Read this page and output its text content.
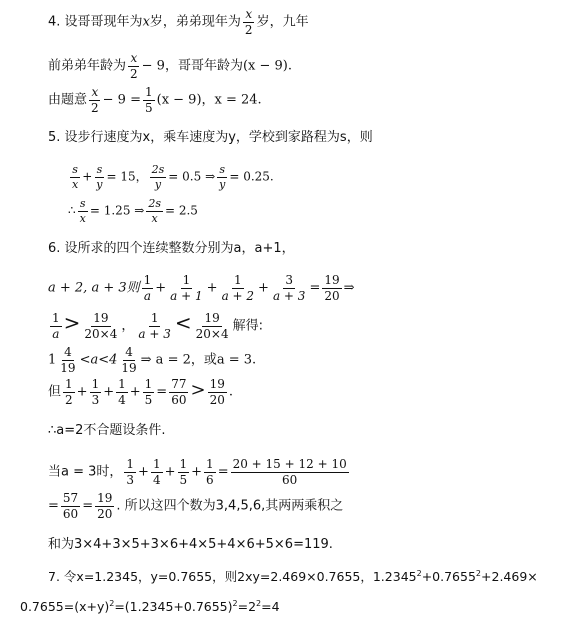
4. 设哥哥现年为x岁，弟弟现年为 $\frac{x}{2}$ 岁，九年
前弟弟年龄为 $\frac{x}{2} - 9$，哥哥年龄为(x − 9).
由题意 $\frac{x}{2} - 9 = \frac{1}{5} (x - 9)$，x = 24.
5. 设步行速度为x，乘车速度为y，学校到家路程为s，则
$\frac{s}{x} + \frac{s}{y} = 15$， $\frac{2s}{y} = 0.5$ ⇒ $\frac{s}{y} = 0.25$.
∴ $\frac{s}{x} = 1.25$ ⇒ $\frac{2s}{x} = 2.5$
6. 设所求的四个连续整数分别为a，a+1，
a + 2, a + 3则 $\frac{1}{a} + \frac{1}{a + 1} + \frac{1}{a + 2} + \frac{3}{a + 3} = \frac{19}{20}$ ⇒
$\frac{1}{a} > \frac{19}{20\times 4}$ ， $\frac{1}{a + 3} < \frac{19}{20\times 4}$ 解得:
$1 \frac{4}{19} <a<4 \frac{4}{19}$ ⇒ a = 2，或a = 3.
但 $\frac{1}{2} + \frac{1}{3} + \frac{1}{4} + \frac{1}{5} = \frac{77}{60} > \frac{19}{20}$ .
∴a=2不合题设条件.
当a = 3时， $\frac{1}{3} + \frac{1}{4} + \frac{1}{5} + \frac{1}{6} = \frac{20 + 15 + 12 + 10}{60}$
= $\frac{57}{60} = \frac{19}{20}$ . 所以这四个数为3,4,5,6,其两两乘积之
和为3×4+3×5+3×6+4×5+4×6+5×6=119.
7. 令x=1.2345，y=0.7655，则2xy=2.469×0.7655，$1.2345^2+0.7655^2+2.469\times$
$0.7655=(x+y)^2=(1.2345+0.7655)^2=2^2=4$
